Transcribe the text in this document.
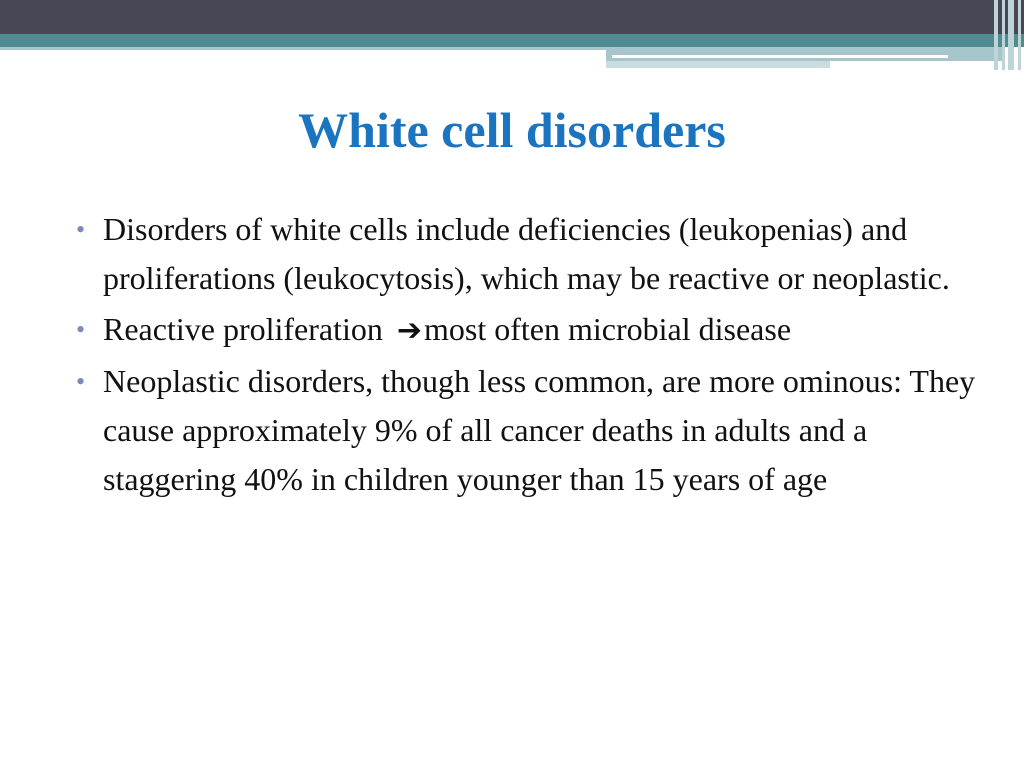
White cell disorders
• Disorders of white cells include deficiencies (leukopenias) and proliferations (leukocytosis), which may be reactive or neoplastic.
• Reactive proliferation ➔most often microbial disease
• Neoplastic disorders, though less common, are more ominous: They cause approximately 9% of all cancer deaths in adults and a staggering 40% in children younger than 15 years of age
